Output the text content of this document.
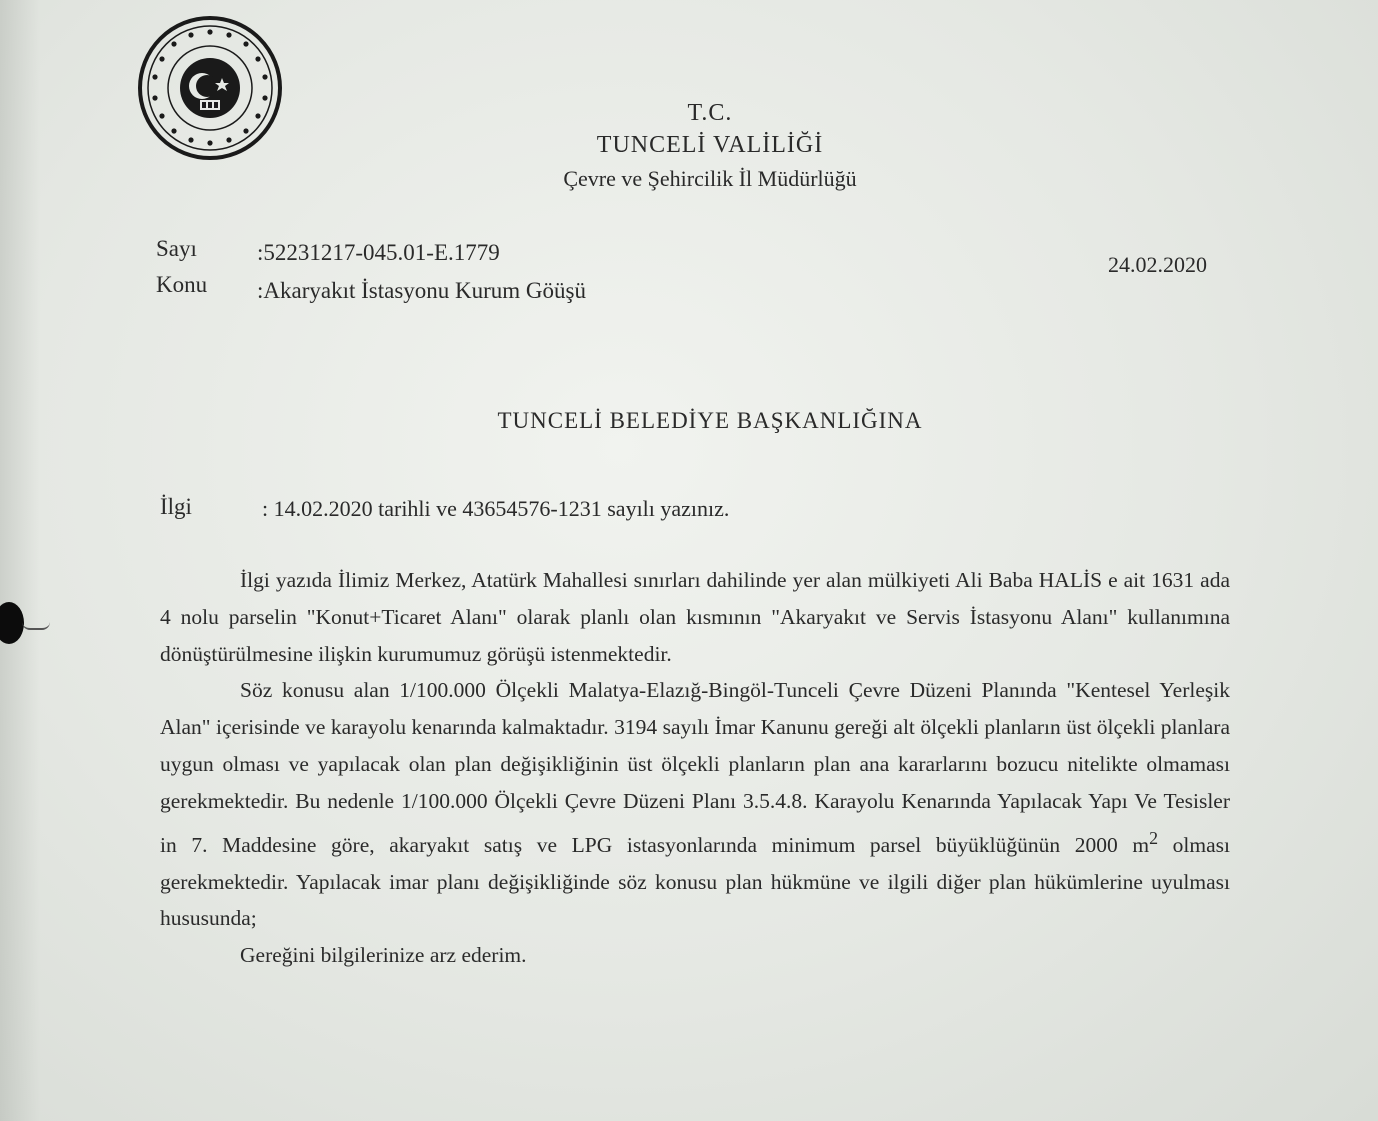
T.C.
TUNCELİ VALİLİĞİ
Çevre ve Şehircilik İl Müdürlüğü
Sayı	:52231217-045.01-E.1779
Konu :Akaryakıt İstasyonu Kurum Göüşü
24.02.2020
TUNCELİ BELEDİYE BAŞKANLIĞINA
İlgi	: 14.02.2020 tarihli ve 43654576-1231 sayılı yazınız.

İlgi yazıda İlimiz Merkez, Atatürk Mahallesi sınırları dahilinde yer alan mülkiyeti Ali Baba HALİS e ait 1631 ada 4 nolu parselin "Konut+Ticaret Alanı" olarak planlı olan kısmının "Akaryakıt ve Servis İstasyonu Alanı" kullanımına dönüştürülmesine ilişkin kurumumuz görüşü istenmektedir.

Söz konusu alan 1/100.000 Ölçekli Malatya-Elazığ-Bingöl-Tunceli Çevre Düzeni Planında "Kentesel Yerleşik Alan" içerisinde ve karayolu kenarında kalmaktadır. 3194 sayılı İmar Kanunu gereği alt ölçekli planların üst ölçekli planlara uygun olması ve yapılacak olan plan değişikliğinin üst ölçekli planların plan ana kararlarını bozucu nitelikte olmaması gerekmektedir. Bu nedenle 1/100.000 Ölçekli Çevre Düzeni Planı 3.5.4.8. Karayolu Kenarında Yapılacak Yapı Ve Tesisler in 7. Maddesine göre, akaryakıt satış ve LPG istasyonlarında minimum parsel büyüklüğünün 2000 $m^2$ olması gerekmektedir. Yapılacak imar planı değişikliğinde söz konusu plan hükmüne ve ilgili diğer plan hükümlerine uyulması hususunda;

Gereğini bilgilerinize arz ederim.
